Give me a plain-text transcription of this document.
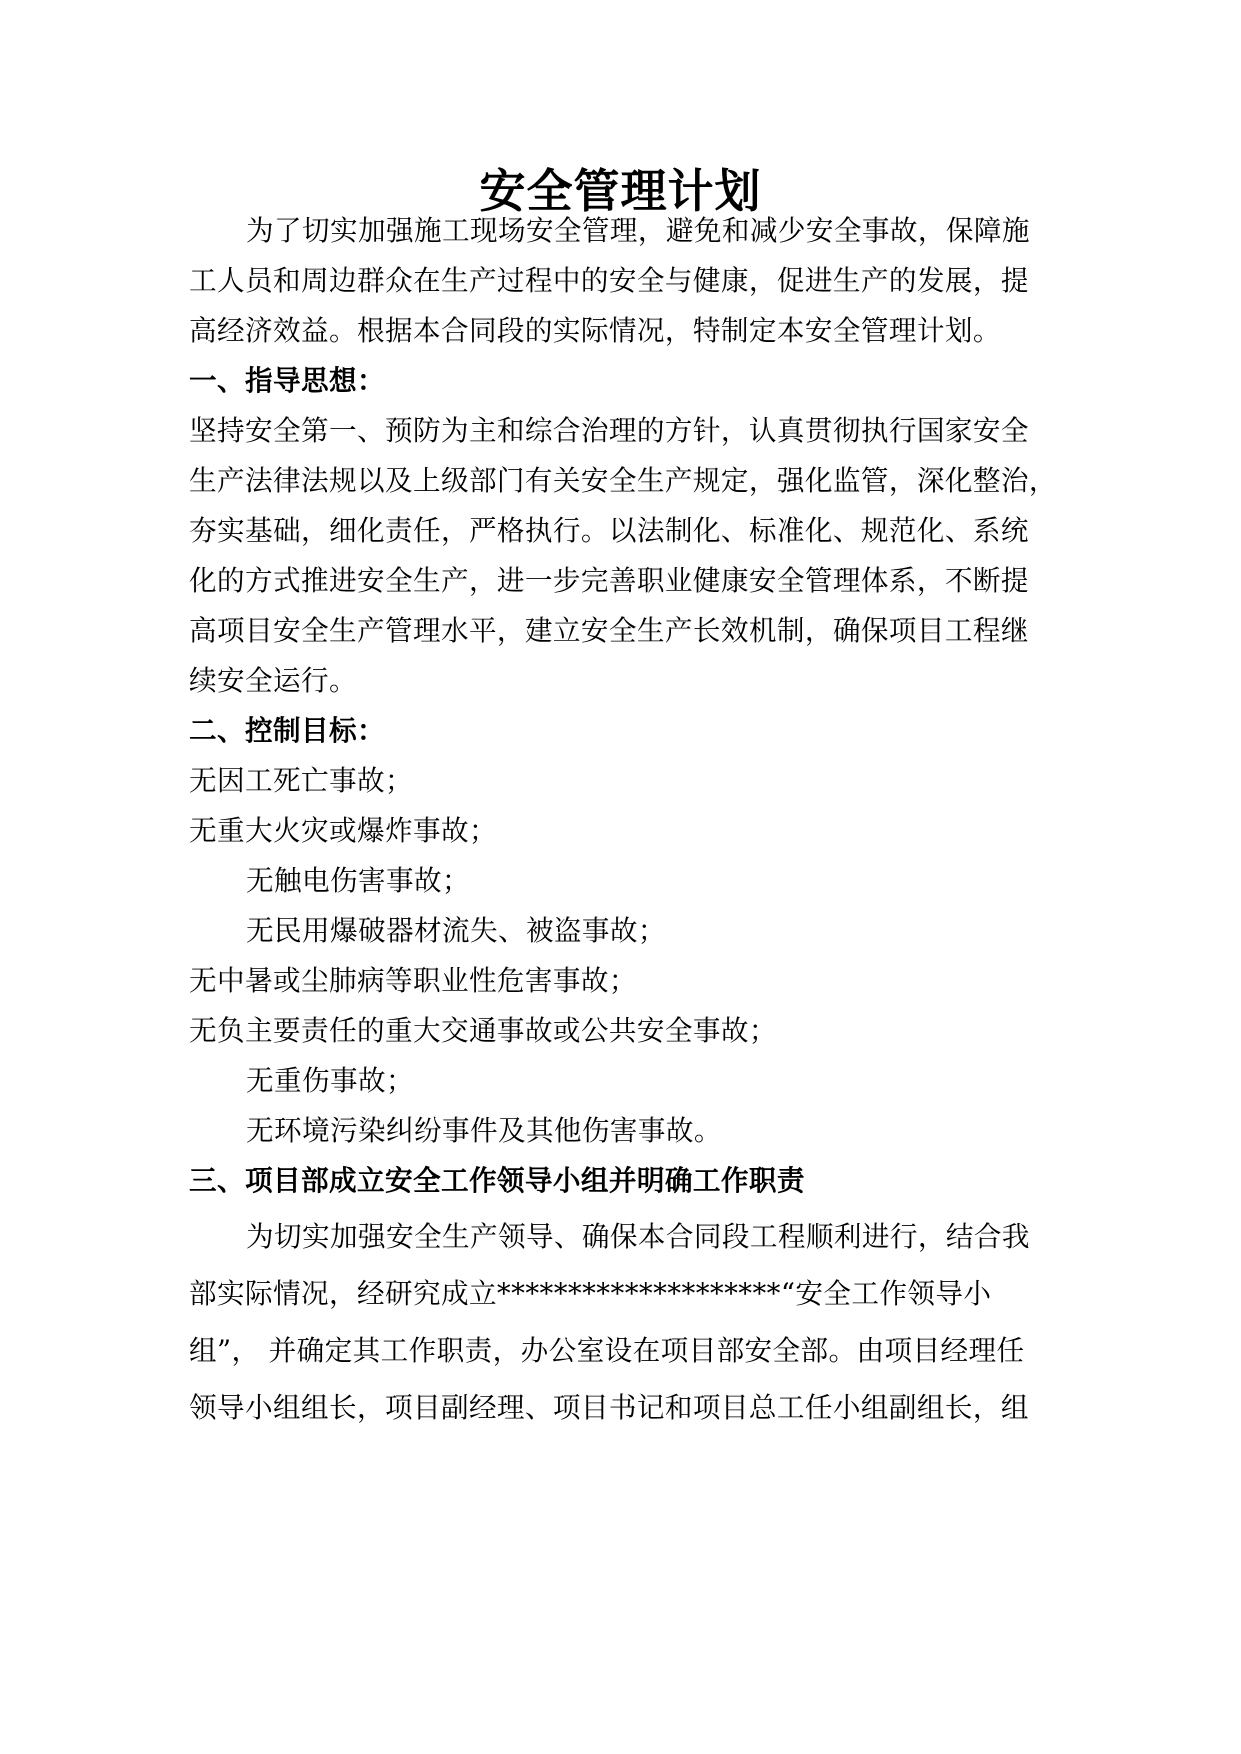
安全管理计划
为了切实加强施工现场安全管理，避免和减少安全事故，保障施
工人员和周边群众在生产过程中的安全与健康，促进生产的发展，提
高经济效益。根据本合同段的实际情况，特制定本安全管理计划。
一、指导思想：
坚持安全第一、预防为主和综合治理的方针，认真贯彻执行国家安全
生产法律法规以及上级部门有关安全生产规定，强化监管，深化整治，
夯实基础，细化责任，严格执行。以法制化、标准化、规范化、系统
化的方式推进安全生产，进一步完善职业健康安全管理体系，不断提
高项目安全生产管理水平，建立安全生产长效机制，确保项目工程继
续安全运行。
二、控制目标：
无因工死亡事故；
无重大火灾或爆炸事故；
无触电伤害事故；
无民用爆破器材流失、被盗事故；
无中暑或尘肺病等职业性危害事故；
无负主要责任的重大交通事故或公共安全事故；
无重伤事故；
无环境污染纠纷事件及其他伤害事故。
三、项目部成立安全工作领导小组并明确工作职责
为切实加强安全生产领导、确保本合同段工程顺利进行，结合我
部实际情况，经研究成立********************“安全工作领导小
组”， 并确定其工作职责，办公室设在项目部安全部。由项目经理任
领导小组组长，项目副经理、项目书记和项目总工任小组副组长，组
